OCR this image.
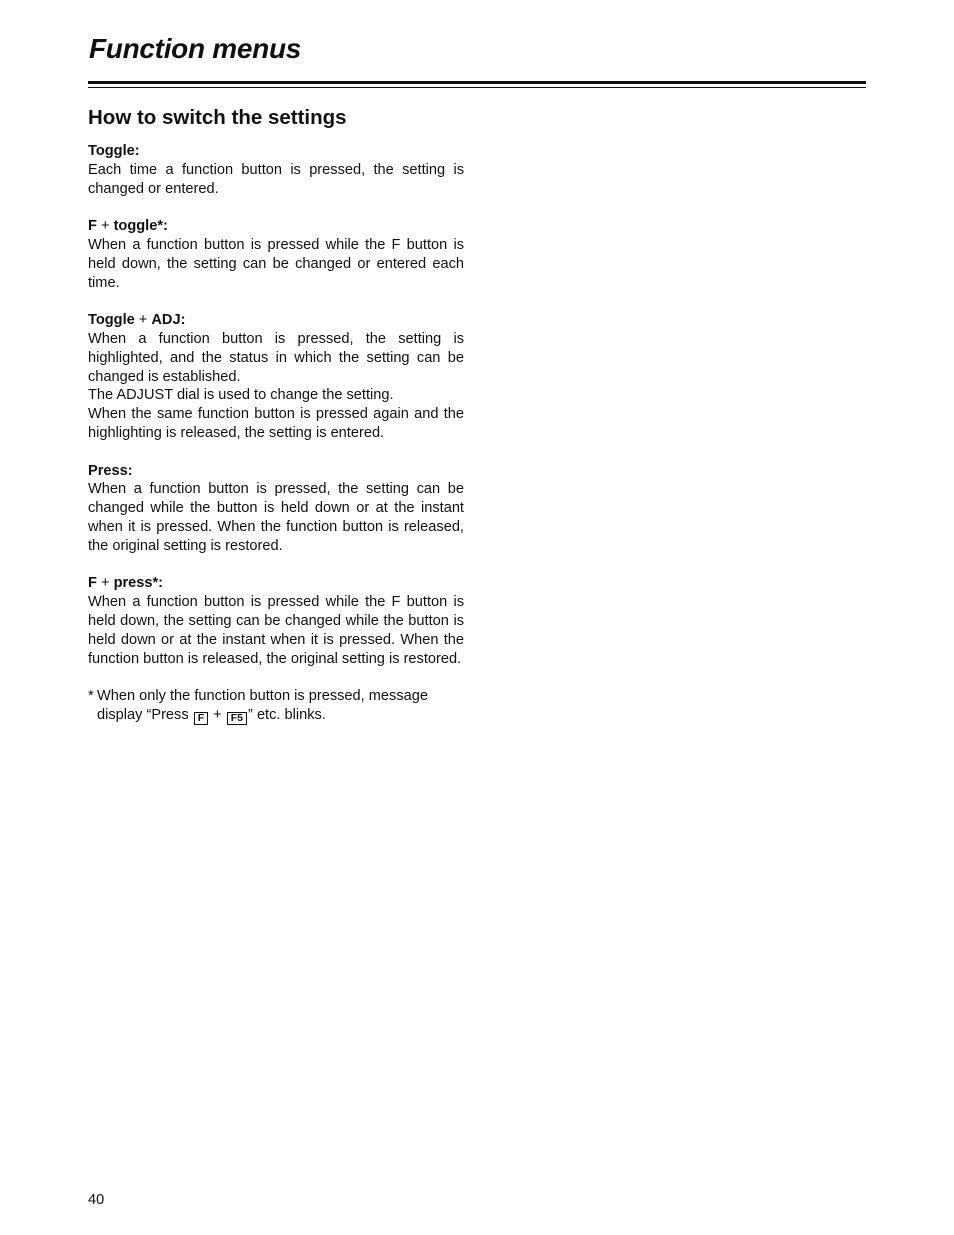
Function menus
How to switch the settings

Toggle:

Each time a function button is pressed, the setting is changed or entered.

F + toggle*:

When a function button is pressed while the F button is held down, the setting can be changed or entered each time.

Toggle + ADJ:

When a function button is pressed, the setting is highlighted, and the status in which the setting can be changed is established.

The ADJUST dial is used to change the setting.

When the same function button is pressed again and the highlighting is released, the setting is entered.

Press:

When a function button is pressed, the setting can be changed while the button is held down or at the instant when it is pressed. When the function button is released, the original setting is restored.

F + press*:

When a function button is pressed while the F button is held down, the setting can be changed while the button is held down or at the instant when it is pressed. When the function button is released, the original setting is restored.

* When only the function button is pressed, message display “Press F + F5 ” etc. blinks.

40
